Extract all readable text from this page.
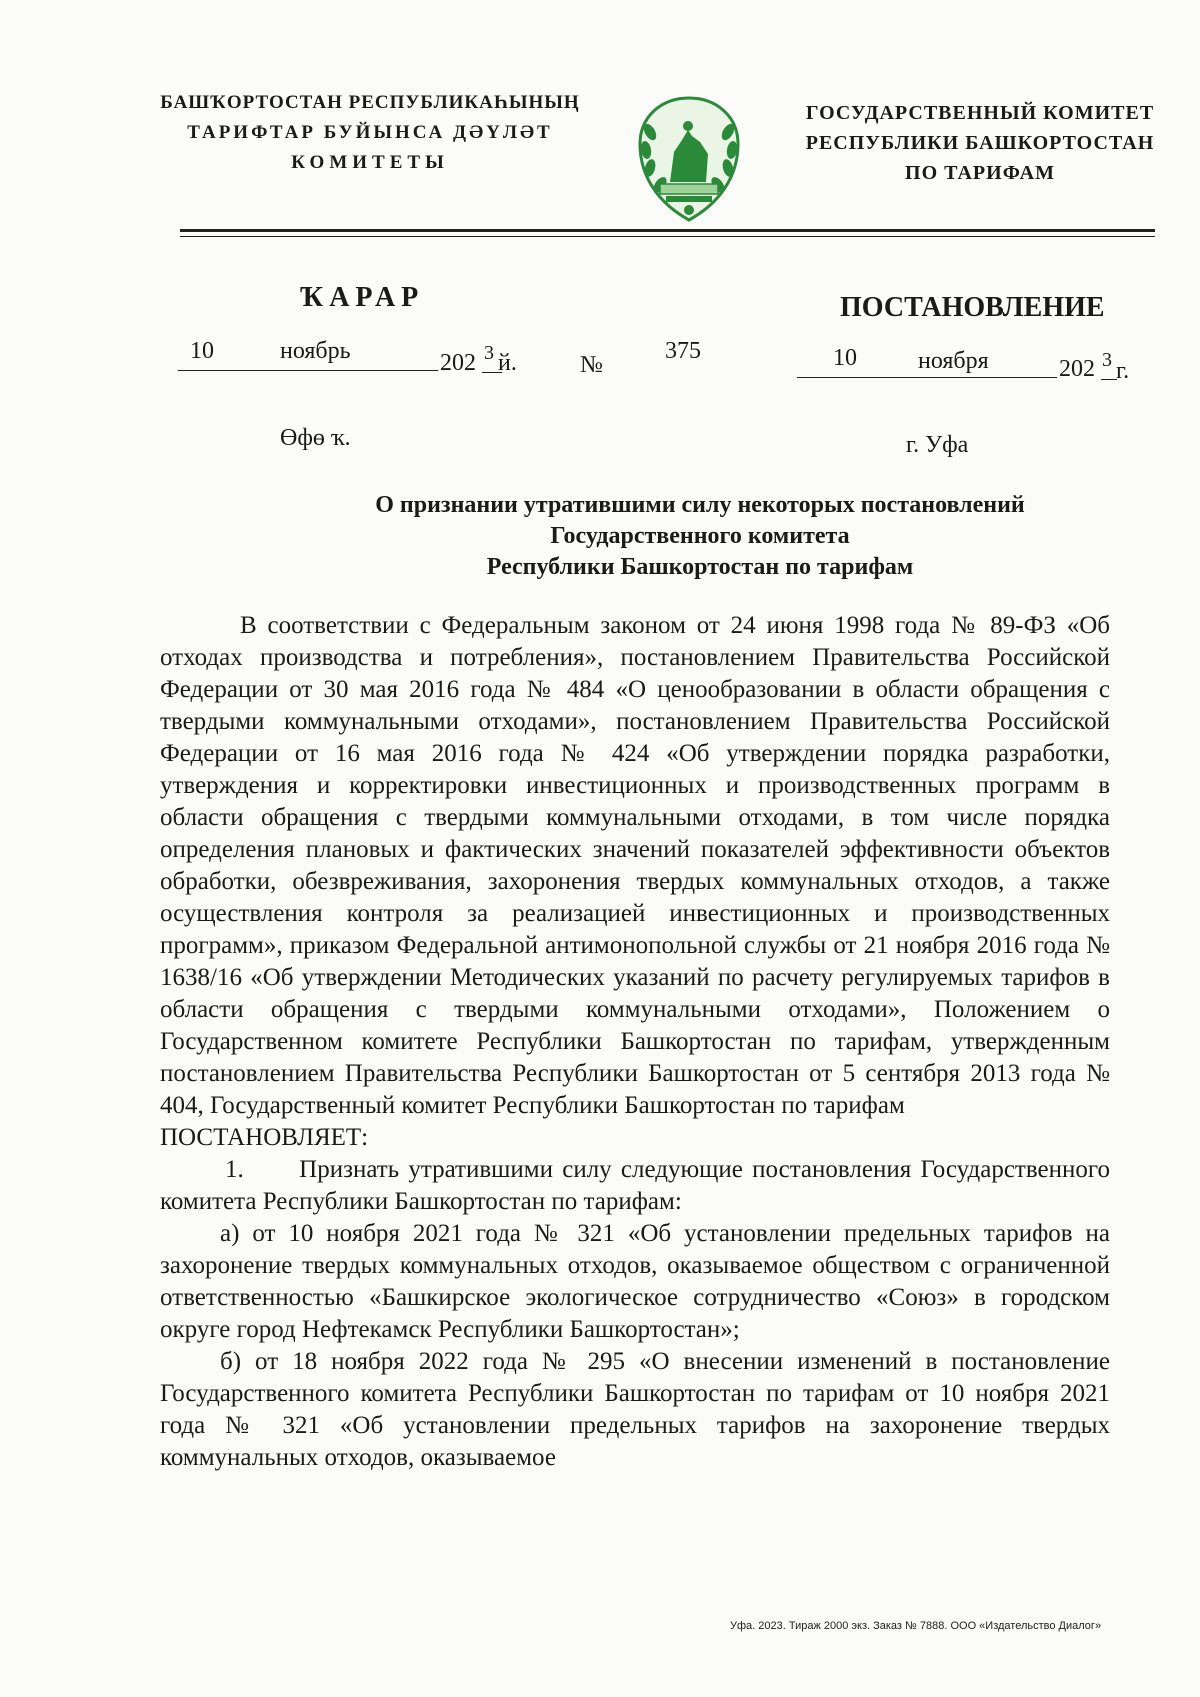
БАШҠОРТОСТАН РЕСПУБЛИКАҺЫНЫҢ
ТАРИФТАР БУЙЫНСА ДӘҮЛӘТ
КОМИТЕТЫ
ГОСУДАРСТВЕННЫЙ КОМИТЕТ
РЕСПУБЛИКИ БАШКОРТОСТАН
ПО ТАРИФАМ
ҠАРАР	ПОСТАНОВЛЕНИЕ
10	ноябрь	202 3 й.	№
375	10	ноября	202 3 г.
Өфө ҡ.	г. Уфа
О признании утратившими силу некоторых постановлений
Государственного комитета
Республики Башкортостан по тарифам

В соответствии с Федеральным законом от 24 июня 1998 года № 89-ФЗ «Об отходах производства и потребления», постановлением Правительства Российской Федерации от 30 мая 2016 года № 484 «О ценообразовании в области обращения с твердыми коммунальными отходами», постановлением Правительства Российской Федерации от 16 мая 2016 года № 424 «Об утверждении порядка разработки, утверждения и корректировки инвестиционных и производственных программ в области обращения с твердыми коммунальными отходами, в том числе порядка определения плановых и фактических значений показателей эффективности объектов обработки, обезвреживания, захоронения твердых коммунальных отходов, а также осуществления контроля за реализацией инвестиционных и производственных программ», приказом Федеральной антимонопольной службы от 21 ноября 2016 года № 1638/16 «Об утверждении Методических указаний по расчету регулируемых тарифов в области обращения с твердыми коммунальными отходами», Положением о Государственном комитете Республики Башкортостан по тарифам, утвержденным постановлением Правительства Республики Башкортостан от 5 сентября 2013 года № 404, Государственный комитет Республики Башкортостан по тарифам

ПОСТАНОВЛЯЕТ:

1. Признать утратившими силу следующие постановления Государственного комитета Республики Башкортостан по тарифам:

а) от 10 ноября 2021 года № 321 «Об установлении предельных тарифов на захоронение твердых коммунальных отходов, оказываемое обществом с ограниченной ответственностью «Башкирское экологическое сотрудничество «Союз» в городском округе город Нефтекамск Республики Башкортостан»;

б) от 18 ноября 2022 года № 295 «О внесении изменений в постановление Государственного комитета Республики Башкортостан по тарифам от 10 ноября 2021 года № 321 «Об установлении предельных тарифов на захоронение твердых коммунальных отходов, оказываемое

Уфа. 2023. Тираж 2000 экз. Заказ № 7888. ООО «Издательство Диалог»
